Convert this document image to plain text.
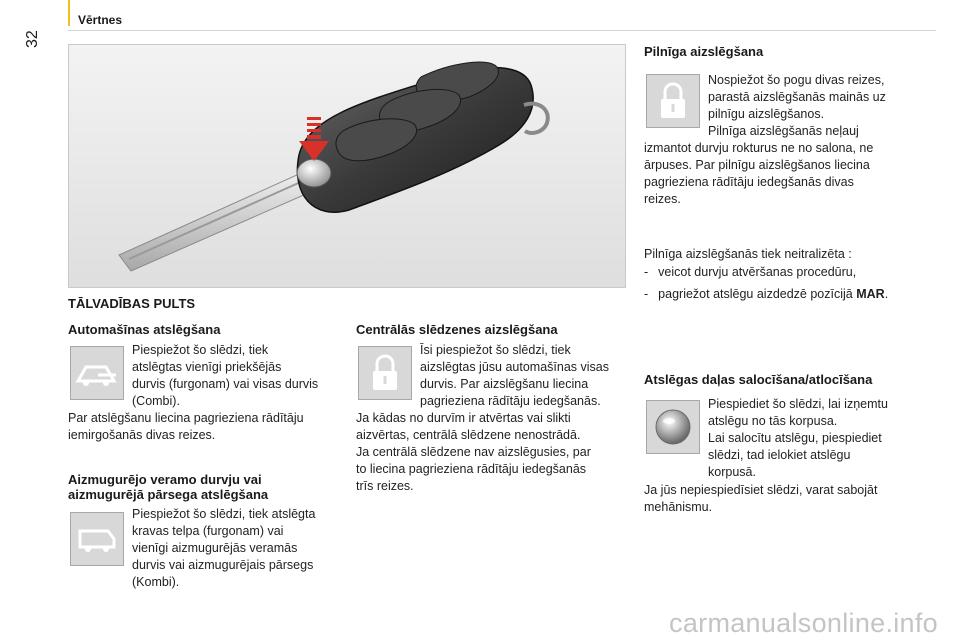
32
Vērtnes
TĀLVADĪBAS PULTS
Automašīnas atslēgšana
Piespiežot šo slēdzi, tiek
atslēgtas vienīgi priekšējās
durvis (furgonam) vai visas durvis
(Combi).
Par atslēgšanu liecina pagrieziena rādītāju
iemirgošanās divas reizes.
Aizmugurējo veramo durvju vai
aizmugurējā pārsega atslēgšana
Piespiežot šo slēdzi, tiek atslēgta
kravas telpa (furgonam) vai
vienīgi aizmugurējās veramās
durvis vai aizmugurējais pārsegs
(Kombi).
Centrālās slēdzenes aizslēgšana
Īsi piespiežot šo slēdzi, tiek
aizslēgtas jūsu automašīnas visas
durvis. Par aizslēgšanu liecina
pagrieziena rādītāju iedegšanās.
Ja kādas no durvīm ir atvērtas vai slikti
aizvērtas, centrālā slēdzene nenostrādā.
Ja centrālā slēdzene nav aizslēgusies, par
to liecina pagrieziena rādītāju iedegšanās
trīs reizes.
Pilnīga aizslēgšana
Nospiežot šo pogu divas reizes,
parastā aizslēgšanās mainās uz
pilnīgu aizslēgšanos.
Pilnīga aizslēgšanās neļauj
izmantot durvju rokturus ne no salona, ne
ārpuses. Par pilnīgu aizslēgšanos liecina
pagrieziena rādītāju iedegšanās divas
reizes.
Pilnīga aizslēgšanās tiek neitralizēta :
- veicot durvju atvēršanas procedūru,
- pagriežot atslēgu aizdedzē pozīcijā MAR.
Atslēgas daļas salocīšana/atlocīšana
Piespiediet šo slēdzi, lai izņemtu
atslēgu no tās korpusa.
Lai salocītu atslēgu, piespiediet
slēdzi, tad ielokiet atslēgu
korpusā.
Ja jūs nepiespiedīsiet slēdzi, varat sabojāt
mehānismu.
carmanualsonline.info
